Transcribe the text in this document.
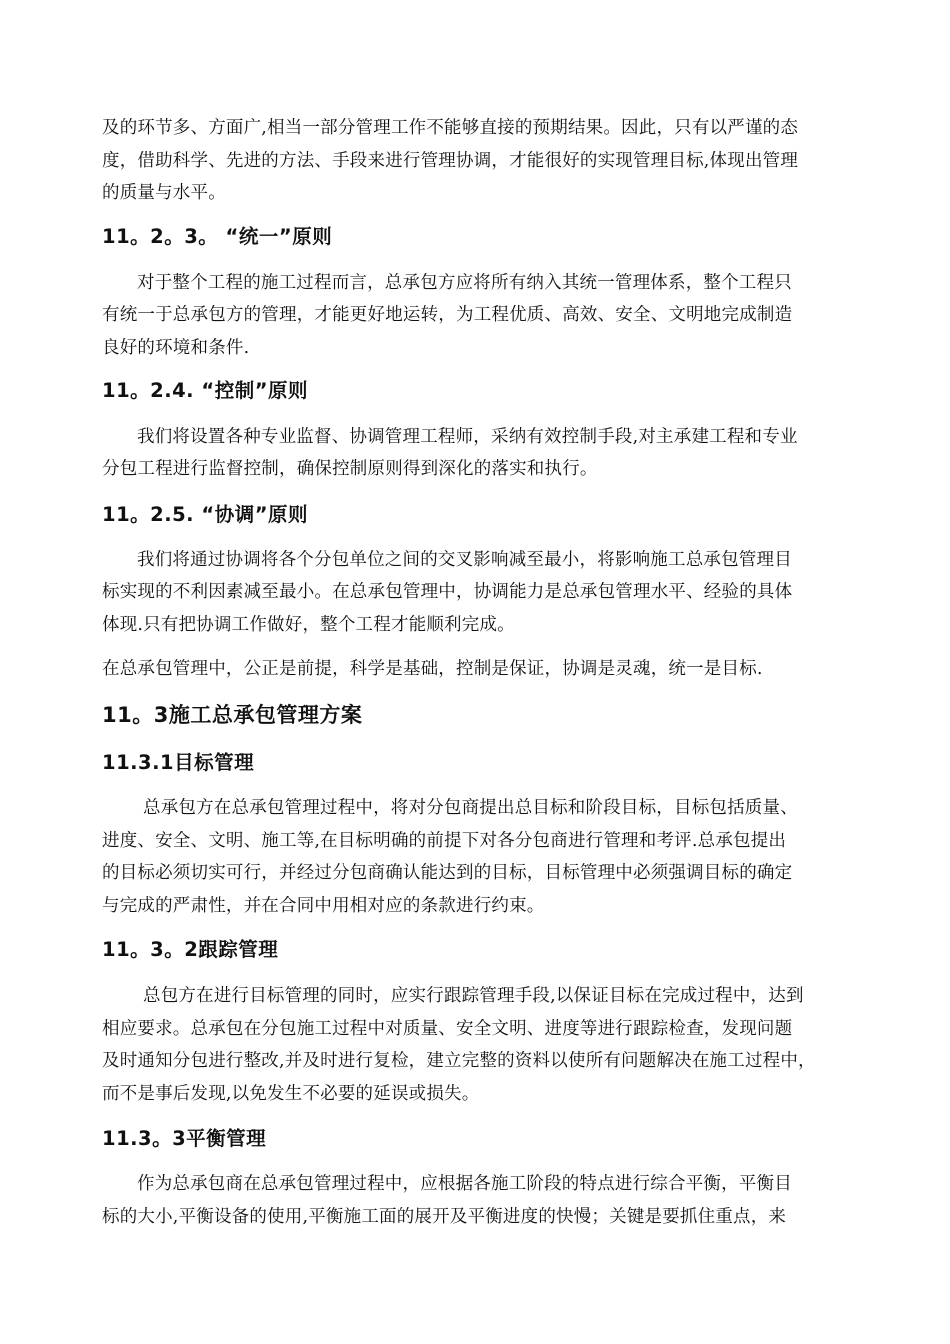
及的环节多、方面广,相当一部分管理工作不能够直接的预期结果。因此，只有以严谨的态
度，借助科学、先进的方法、手段来进行管理协调，才能很好的实现管理目标,体现出管理
的质量与水平。
11。2。3。 “统一”原则
对于整个工程的施工过程而言，总承包方应将所有纳入其统一管理体系，整个工程只
有统一于总承包方的管理，才能更好地运转，为工程优质、高效、安全、文明地完成制造
良好的环境和条件.
11。2.4. “控制”原则
我们将设置各种专业监督、协调管理工程师，采纳有效控制手段,对主承建工程和专业
分包工程进行监督控制，确保控制原则得到深化的落实和执行。
11。2.5. “协调”原则
我们将通过协调将各个分包单位之间的交叉影响减至最小，将影响施工总承包管理目
标实现的不利因素减至最小。在总承包管理中，协调能力是总承包管理水平、经验的具体
体现.只有把协调工作做好，整个工程才能顺利完成。
在总承包管理中，公正是前提，科学是基础，控制是保证，协调是灵魂，统一是目标.
11。3施工总承包管理方案
11.3.1目标管理
总承包方在总承包管理过程中，将对分包商提出总目标和阶段目标，目标包括质量、
进度、安全、文明、施工等,在目标明确的前提下对各分包商进行管理和考评.总承包提出
的目标必须切实可行，并经过分包商确认能达到的目标，目标管理中必须强调目标的确定
与完成的严肃性，并在合同中用相对应的条款进行约束。
11。3。2跟踪管理
总包方在进行目标管理的同时，应实行跟踪管理手段,以保证目标在完成过程中，达到
相应要求。总承包在分包施工过程中对质量、安全文明、进度等进行跟踪检查，发现问题
及时通知分包进行整改,并及时进行复检，建立完整的资料以使所有问题解决在施工过程中，
而不是事后发现,以免发生不必要的延误或损失。
11.3。3平衡管理
作为总承包商在总承包管理过程中，应根据各施工阶段的特点进行综合平衡，平衡目
标的大小,平衡设备的使用,平衡施工面的展开及平衡进度的快慢；关键是要抓住重点，来
